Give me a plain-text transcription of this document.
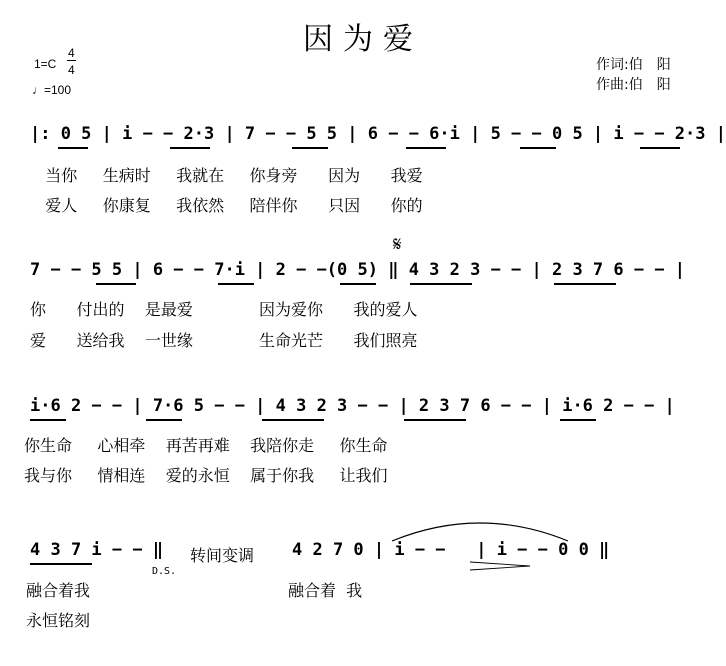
因为爱
1=C
4
4
♩=100
作词:伯　阳
作曲:伯　阳
|: 0 5 | i − − 2·3 | 7 − − 5 5 | 6 − − 6·i | 5 − − 0 5 | i − − 2·3 |
当你     生病时     我就在     你身旁      因为      我爱
爱人     你康复     我依然     陪伴你      只因      你的
𝄋
7 − − 5 5 | 6 − − 7·i | 2 − −(0 5) ‖ 4 3 2 3 − − | 2 3 7 6 − − |
你      付出的    是最爱             因为爱你      我的爱人
爱      送给我    一世缘             生命光芒      我们照亮
i·6 2 − − | 7·6 5 − − | 4 3 2 3 − − | 2 3 7 6 − − | i·6 2 − − |
你生命     心相牵    再苦再难    我陪你走     你生命
我与你     情相连    爱的永恒    属于你我     让我们
4 3 7 i − − ‖ 转间变调
D.S.
4 2 7 0 | i − −   | i − − 0 0 ‖
融合着我	融合着  我
永恒铭刻
